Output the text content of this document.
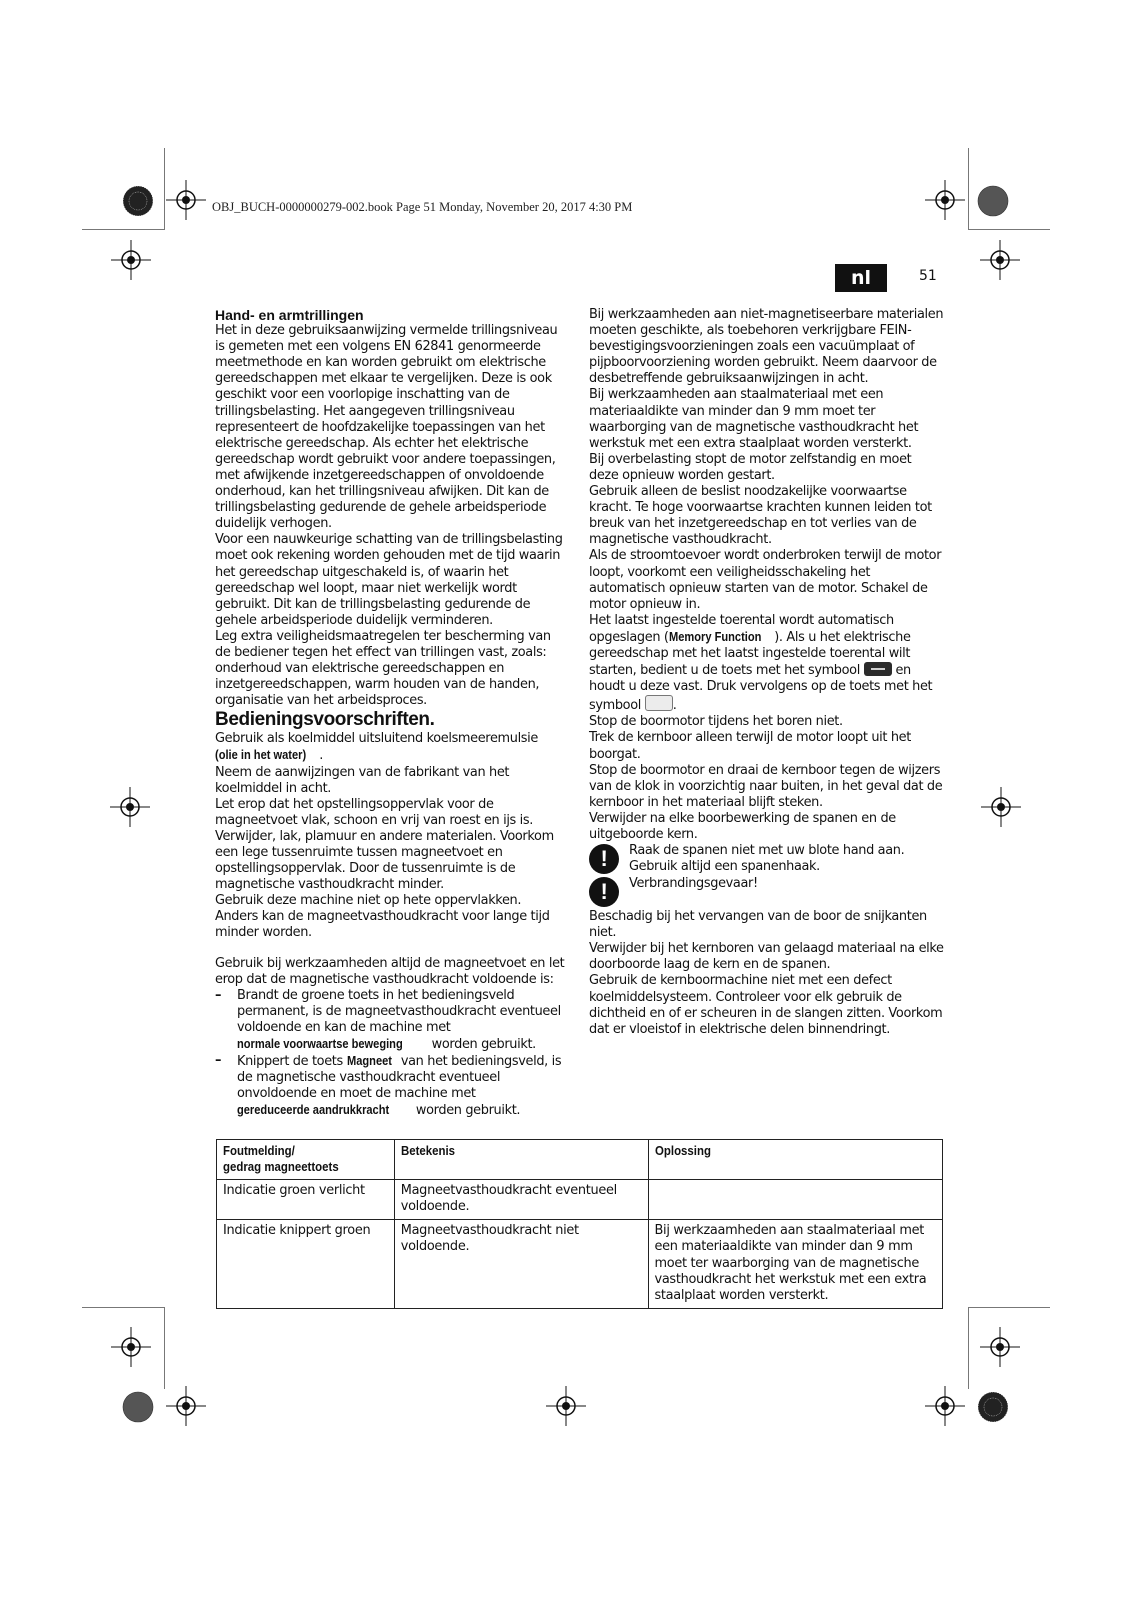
OBJ_BUCH-0000000279-002.book Page 51 Monday, November 20, 2017 4:30 PM
nl	51

Hand- en armtrillingen

Het in deze gebruiksaanwijzing vermelde trillingsniveau is gemeten met een volgens EN 62841 genormeerde meetmethode en kan worden gebruikt om elektrische gereedschappen met elkaar te vergelijken. Deze is ook geschikt voor een voorlopige inschatting van de trillingsbelasting. Het aangegeven trillingsniveau representeert de hoofdzakelijke toepassingen van het elektrische gereedschap. Als echter het elektrische gereedschap wordt gebruikt voor andere toepassingen, met afwijkende inzetgereedschappen of onvoldoende onderhoud, kan het trillingsniveau afwijken. Dit kan de trillingsbelasting gedurende de gehele arbeidsperiode duidelijk verhogen.

Voor een nauwkeurige schatting van de trillingsbelasting moet ook rekening worden gehouden met de tijd waarin het gereedschap uitgeschakeld is, of waarin het gereedschap wel loopt, maar niet werkelijk wordt gebruikt. Dit kan de trillingsbelasting gedurende de gehele arbeidsperiode duidelijk verminderen.

Leg extra veiligheidsmaatregelen ter bescherming van de bediener tegen het effect van trillingen vast, zoals: onderhoud van elektrische gereedschappen en inzetgereedschappen, warm houden van de handen, organisatie van het arbeidsproces.

Bedieningsvoorschriften.

Gebruik als koelmiddel uitsluitend koelsmeeremulsie (olie in het water) .

Neem de aanwijzingen van de fabrikant van het koelmiddel in acht.

Let erop dat het opstellingsoppervlak voor de magneetvoet vlak, schoon en vrij van roest en ijs is. Verwijder, lak, plamuur en andere materialen. Voorkom een lege tussenruimte tussen magneetvoet en opstellingsoppervlak. Door de tussenruimte is de magnetische vasthoudkracht minder.

Gebruik deze machine niet op hete oppervlakken. Anders kan de magneetvasthoudkracht voor lange tijd minder worden.

Gebruik bij werkzaamheden altijd de magneetvoet en let erop dat de magnetische vasthoudkracht voldoende is:

– Brandt de groene toets in het bedieningsveld permanent, is de magneetvasthoudkracht eventueel voldoende en kan de machine met normale voorwaartse beweging worden gebruikt.
– Knippert de toets Magneet van het bedieningsveld, is de magnetische vasthoudkracht eventueel onvoldoende en moet de machine met gereduceerde aandrukkracht worden gebruikt.

Bij werkzaamheden aan niet-magnetiseerbare materialen moeten geschikte, als toebehoren verkrijgbare FEIN-bevestigingsvoorzieningen zoals een vacuümplaat of pijpboorvoorziening worden gebruikt. Neem daarvoor de desbetreffende gebruiksaanwijzingen in acht.

Bij werkzaamheden aan staalmateriaal met een materiaaldikte van minder dan 9 mm moet ter waarborging van de magnetische vasthoudkracht het werkstuk met een extra staalplaat worden versterkt.

Bij overbelasting stopt de motor zelfstandig en moet deze opnieuw worden gestart.

Gebruik alleen de beslist noodzakelijke voorwaartse kracht. Te hoge voorwaartse krachten kunnen leiden tot breuk van het inzetgereedschap en tot verlies van de magnetische vasthoudkracht.

Als de stroomtoevoer wordt onderbroken terwijl de motor loopt, voorkomt een veiligheidsschakeling het automatisch opnieuw starten van de motor. Schakel de motor opnieuw in.

Het laatst ingestelde toerental wordt automatisch opgeslagen (Memory Function ). Als u het elektrische gereedschap met het laatst ingestelde toerental wilt starten, bedient u de toets met het symbool  en houdt u deze vast. Druk vervolgens op de toets met het symbool .

Stop de boormotor tijdens het boren niet.

Trek de kernboor alleen terwijl de motor loopt uit het boorgat.

Stop de boormotor en draai de kernboor tegen de wijzers van de klok in voorzichtig naar buiten, in het geval dat de kernboor in het materiaal blijft steken.

Verwijder na elke boorbewerking de spanen en de uitgeboorde kern.

!	Raak de spanen niet met uw blote hand aan. Gebruik altijd een spanenhaak.

!	Verbrandingsgevaar!

Beschadig bij het vervangen van de boor de snijkanten niet.

Verwijder bij het kernboren van gelaagd materiaal na elke doorboorde laag de kern en de spanen.

Gebruik de kernboormachine niet met een defect koelmiddelsysteem. Controleer voor elk gebruik de dichtheid en of er scheuren in de slangen zitten. Voorkom dat er vloeistof in elektrische delen binnendringt.

Foutmelding/
gedrag magneettoets	Betekenis	Oplossing
Indicatie groen verlicht	Magneetvasthoudkracht eventueel voldoende.	
Indicatie knippert groen	Magneetvasthoudkracht niet voldoende.	Bij werkzaamheden aan staalmateriaal met een materiaaldikte van minder dan 9 mm moet ter waarborging van de magnetische vasthoudkracht het werkstuk met een extra staalplaat worden versterkt.
